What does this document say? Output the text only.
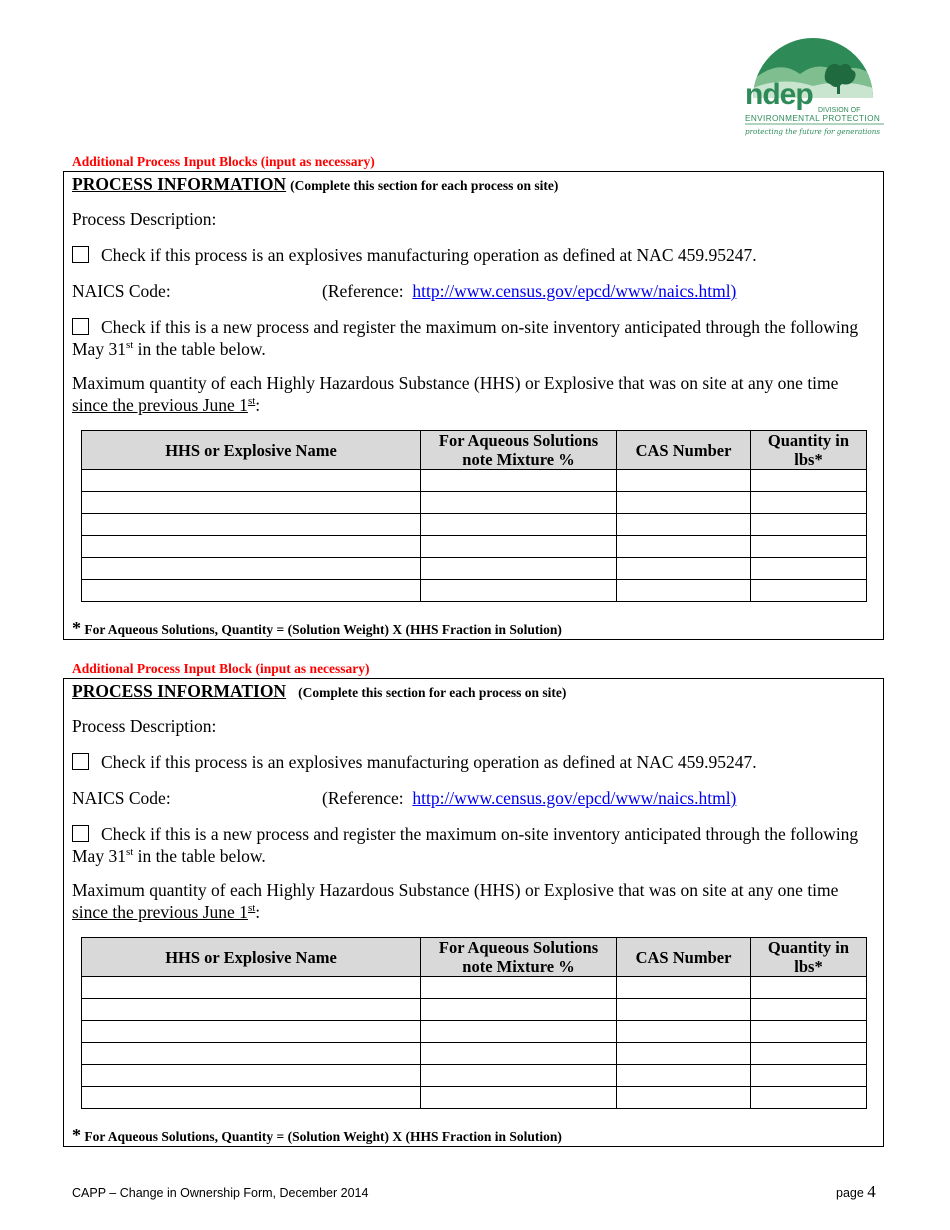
ndep DIVISION OF
ENVIRONMENTAL PROTECTION
protecting the future for generations
Additional Process Input Blocks (input as necessary)
PROCESS INFORMATION (Complete this section for each process on site)
Process Description:
Check if this process is an explosives manufacturing operation as defined at NAC 459.95247.
NAICS Code:	(Reference: http://www.census.gov/epcd/www/naics.html)
Check if this is a new process and register the maximum on-site inventory anticipated through the following May 31st in the table below.
Maximum quantity of each Highly Hazardous Substance (HHS) or Explosive that was on site at any one time since the previous June 1st:
HHS or Explosive Name	For Aqueous Solutions note Mixture %	CAS Number	Quantity in lbs*

* For Aqueous Solutions, Quantity = (Solution Weight) X (HHS Fraction in Solution)
Additional Process Input Block (input as necessary)
PROCESS INFORMATION (Complete this section for each process on site)
Process Description:
Check if this process is an explosives manufacturing operation as defined at NAC 459.95247.
NAICS Code:	(Reference: http://www.census.gov/epcd/www/naics.html)
Check if this is a new process and register the maximum on-site inventory anticipated through the following May 31st in the table below.
Maximum quantity of each Highly Hazardous Substance (HHS) or Explosive that was on site at any one time since the previous June 1st:
HHS or Explosive Name	For Aqueous Solutions note Mixture %	CAS Number	Quantity in lbs*

* For Aqueous Solutions, Quantity = (Solution Weight) X (HHS Fraction in Solution)
CAPP – Change in Ownership Form, December 2014	page 4
